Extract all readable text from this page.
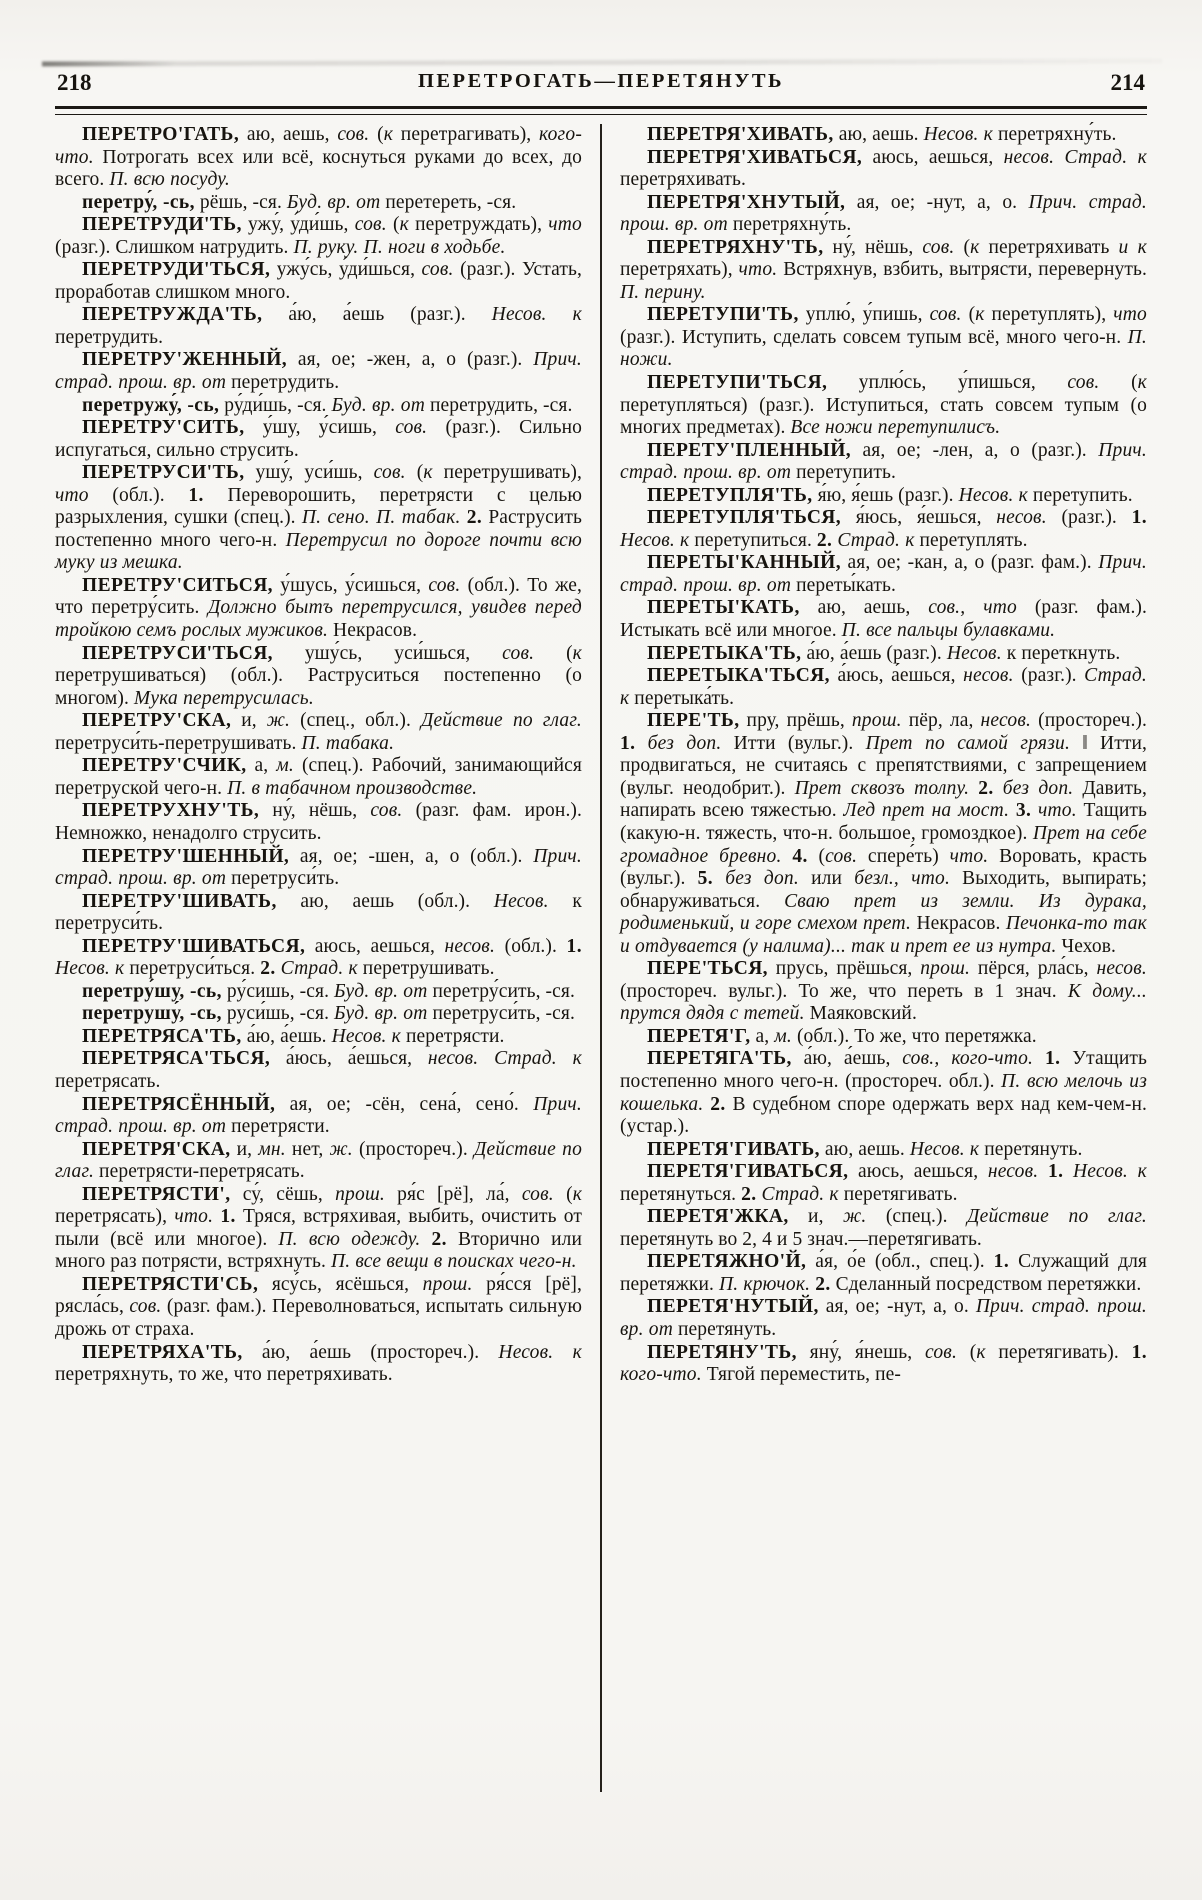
218	ПЕРЕТРОГАТЬ—ПЕРЕТЯНУТЬ	214

ПЕРЕТРО'ГАТЬ, аю, аешь, сов. (к перетрагивать), кого-что. Потрогать всех или всё, коснуться руками до всех, до всего. П. всю посуду.

перетру́, -сь, рёшь, -ся. Буд. вр. от перетереть, -ся.

ПЕРЕТРУДИ'ТЬ, ужу́, у́ди́шь, сов. (к перетруждать), что (разг.). Слишком натрудить. П. руку. П. ноги в ходьбе.

ПЕРЕТРУДИ'ТЬСЯ, ужу́сь, у́ди́шься, сов. (разг.). Устать, проработав слишком много.

ПЕРЕТРУЖДА'ТЬ, а́ю, а́ешь (разг.). Несов. к перетрудить.

ПЕРЕТРУ'ЖЕННЫЙ, ая, ое; -жен, а, о (разг.). Прич. страд. прош. вр. от перетрудить.

перетружу́, -сь, ру́ди́шь, -ся. Буд. вр. от перетрудить, -ся.

ПЕРЕТРУ'СИТЬ, у́шу, у́сишь, сов. (разг.). Сильно испугаться, сильно струсить.

ПЕРЕТРУСИ'ТЬ, ушу́, уси́шь, сов. (к перетрушивать), что (обл.). 1. Переворошить, перетрясти с целью разрыхления, сушки (спец.). П. сено. П. табак. 2. Раструсить постепенно много чего-н. Перетрусил по дороге почти всю муку из мешка.

ПЕРЕТРУ'СИТЬСЯ, у́шусь, у́сишься, сов. (обл.). То же, что перетру́сить. Должно бытъ перетрусился, увидев перед тройкою семъ рослых мужиков. Некрасов.

ПЕРЕТРУСИ'ТЬСЯ, ушу́сь, уси́шься, сов. (к перетрушиваться) (обл.). Раструситься постепенно (о многом). Мука перетрусилась.

ПЕРЕТРУ'СКА, и, ж. (спец., обл.). Действие по глаг. перетруси́ть-перетрушивать. П. табака.

ПЕРЕТРУ'СЧИК, а, м. (спец.). Рабочий, занимающийся перетруской чего-н. П. в табачном производстве.

ПЕРЕТРУХНУ'ТЬ, ну́, нёшь, сов. (разг. фам. ирон.). Немножко, ненадолго струсить.

ПЕРЕТРУ'ШЕННЫЙ, ая, ое; -шен, а, о (обл.). Прич. страд. прош. вр. от перетруси́ть.

ПЕРЕТРУ'ШИВАТЬ, аю, аешь (обл.). Несов. к перетруси́ть.

ПЕРЕТРУ'ШИВАТЬСЯ, аюсь, аешься, несов. (обл.). 1. Несов. к перетруси́ться. 2. Страд. к перетрушивать.

перетру́шу, -сь, ру́сишь, -ся. Буд. вр. от перетру́сить, -ся.

перетрушу́, -сь, руси́шь, -ся. Буд. вр. от перетруси́ть, -ся.

ПЕРЕТРЯСА'ТЬ, а́ю, а́ешь. Несов. к перетрясти.

ПЕРЕТРЯСА'ТЬСЯ, а́юсь, а́ешься, несов. Страд. к перетрясать.

ПЕРЕТРЯСЁННЫЙ, ая, ое; -сён, сена́, сено́. Прич. страд. прош. вр. от перетрясти.

ПЕРЕТРЯ'СКА, и, мн. нет, ж. (простореч.). Действие по глаг. перетрясти-перетрясать.

ПЕРЕТРЯСТИ', су́, сёшь, прош. ря́с [рё], ла́, сов. (к перетрясать), что. 1. Тряся, встряхивая, выбить, очистить от пыли (всё или многое). П. всю одежду. 2. Вторично или много раз потрясти, встряхнуть. П. все вещи в поисках чего-н.

ПЕРЕТРЯСТИ'СЬ, ясу́сь, ясёшься, прош. ря́сся [рё], рясла́сь, сов. (разг. фам.). Переволноваться, испытать сильную дрожь от страха.

ПЕРЕТРЯХА'ТЬ, а́ю, а́ешь (простореч.). Несов. к перетряхнуть, то же, что перетряхивать.

ПЕРЕТРЯ'ХИВАТЬ, аю, аешь. Несов. к перетряхну́ть.

ПЕРЕТРЯ'ХИВАТЬСЯ, аюсь, аешься, несов. Страд. к перетряхивать.

ПЕРЕТРЯ'ХНУТЫЙ, ая, ое; -нут, а, о. Прич. страд. прош. вр. от перетряхну́ть.

ПЕРЕТРЯХНУ'ТЬ, ну́, нёшь, сов. (к перетряхивать и к перетряхать), что. Встряхнув, взбить, вытрясти, перевернуть. П. перину.

ПЕРЕТУПИ'ТЬ, уплю́, у́пишь, сов. (к перетуплять), что (разг.). Иступить, сделать совсем тупым всё, много чего-н. П. ножи.

ПЕРЕТУПИ'ТЬСЯ, уплю́сь, у́пишься, сов. (к перетупляться) (разг.). Иступиться, стать совсем тупым (о многих предметах). Все ножи перетупилисъ.

ПЕРЕТУ'ПЛЕННЫЙ, ая, ое; -лен, а, о (разг.). Прич. страд. прош. вр. от перетупить.

ПЕРЕТУПЛЯ'ТЬ, я́ю, я́ешь (разг.). Несов. к перетупить.

ПЕРЕТУПЛЯ'ТЬСЯ, я́юсь, я́ешься, несов. (разг.). 1. Несов. к перетупиться. 2. Страд. к перетуплять.

ПЕРЕТЫ'КАННЫЙ, ая, ое; -кан, а, о (разг. фам.). Прич. страд. прош. вр. от переты́кать.

ПЕРЕТЫ'КАТЬ, аю, аешь, сов., что (разг. фам.). Истыкать всё или многое. П. все пальцы булавками.

ПЕРЕТЫКА'ТЬ, а́ю, а́ешь (разг.). Несов. к переткнуть.

ПЕРЕТЫКА'ТЬСЯ, а́юсь, а́ешься, несов. (разг.). Страд. к перетыка́ть.

ПЕРЕ'ТЬ, пру, прёшь, прош. пёр, ла, несов. (простореч.). 1. без доп. Итти (вульг.). Прет по самой грязи. ‖ Итти, продвигаться, не считаясь с препятствиями, с запрещением (вульг. неодобрит.). Прет сквозъ толпу. 2. без доп. Давить, напирать всею тяжестью. Лед прет на мост. 3. что. Тащить (какую-н. тяжесть, что-н. большое, громоздкое). Прет на себе громадное бревно. 4. (сов. спере́ть) что. Воровать, красть (вульг.). 5. без доп. или безл., что. Выходить, выпирать; обнаруживаться. Сваю прет из земли. Из дурака, родименький, и горе смехом прет. Некрасов. Печонка-то так и отдувается (у налима)... так и прет ее из нутра. Чехов.

ПЕРЕ'ТЬСЯ, прусь, прёшься, прош. пёрся, рла́сь, несов. (простореч. вульг.). То же, что переть в 1 знач. К дому... прутся дядя с тетей. Маяковский.

ПЕРЕТЯ'Г, а, м. (обл.). То же, что перетяжка.

ПЕРЕТЯГА'ТЬ, а́ю, а́ешь, сов., кого-что. 1. Утащить постепенно много чего-н. (простореч. обл.). П. всю мелочь из кошелька. 2. В судебном споре одержать верх над кем-чем-н. (устар.).

ПЕРЕТЯ'ГИВАТЬ, аю, аешь. Несов. к перетянуть.

ПЕРЕТЯ'ГИВАТЬСЯ, аюсь, аешься, несов. 1. Несов. к перетянуться. 2. Страд. к перетягивать.

ПЕРЕТЯ'ЖКА, и, ж. (спец.). Действие по глаг. перетянуть во 2, 4 и 5 знач.—перетягивать.

ПЕРЕТЯЖНО'Й, а́я, о́е (обл., спец.). 1. Служащий для перетяжки. П. крючок. 2. Сделанный посредством перетяжки.

ПЕРЕТЯ'НУТЫЙ, ая, ое; -нут, а, о. Прич. страд. прош. вр. от перетянуть.

ПЕРЕТЯНУ'ТЬ, яну́, я́нешь, сов. (к перетягивать). 1. кого-что. Тягой переместить, пе-
